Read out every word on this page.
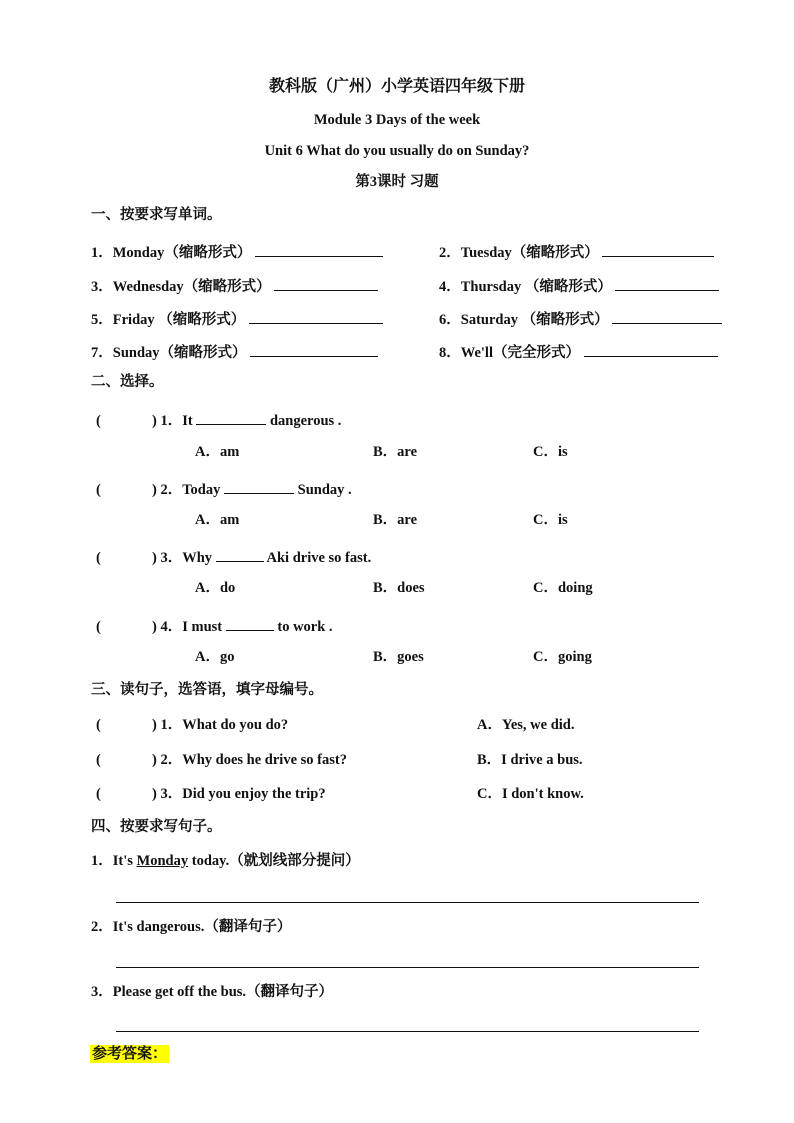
教科版（广州）小学英语四年级下册
Module 3 Days of the week
Unit 6 What do you usually do on Sunday?
第3课时 习题
一、按要求写单词。
1．Monday（缩略形式）	2．Tuesday（缩略形式）
3．Wednesday（缩略形式）	4．Thursday （缩略形式）
5．Friday （缩略形式）	6．Saturday （缩略形式）
7．Sunday（缩略形式）	8．We'll（完全形式）
二、选择。
(	) 1．It	dangerous .
A．am	B．are	C．is
(	) 2．Today	Sunday .
A．am	B．are	C．is
(	) 3．Why	Aki drive so fast.
A．do	B．does	C．doing
(	) 4．I must	to work .
A．go	B．goes	C．going
三、读句子，选答语，填字母编号。
(	) 1．What do you do?	A．Yes, we did.
(	) 2．Why does he drive so fast?	B．I drive a bus.
(	) 3．Did you enjoy the trip?	C．I don't know.
四、按要求写句子。
1．It's Monday today.（就划线部分提问）
2．It's dangerous.（翻译句子）
3．Please get off the bus.（翻译句子）
参考答案：
